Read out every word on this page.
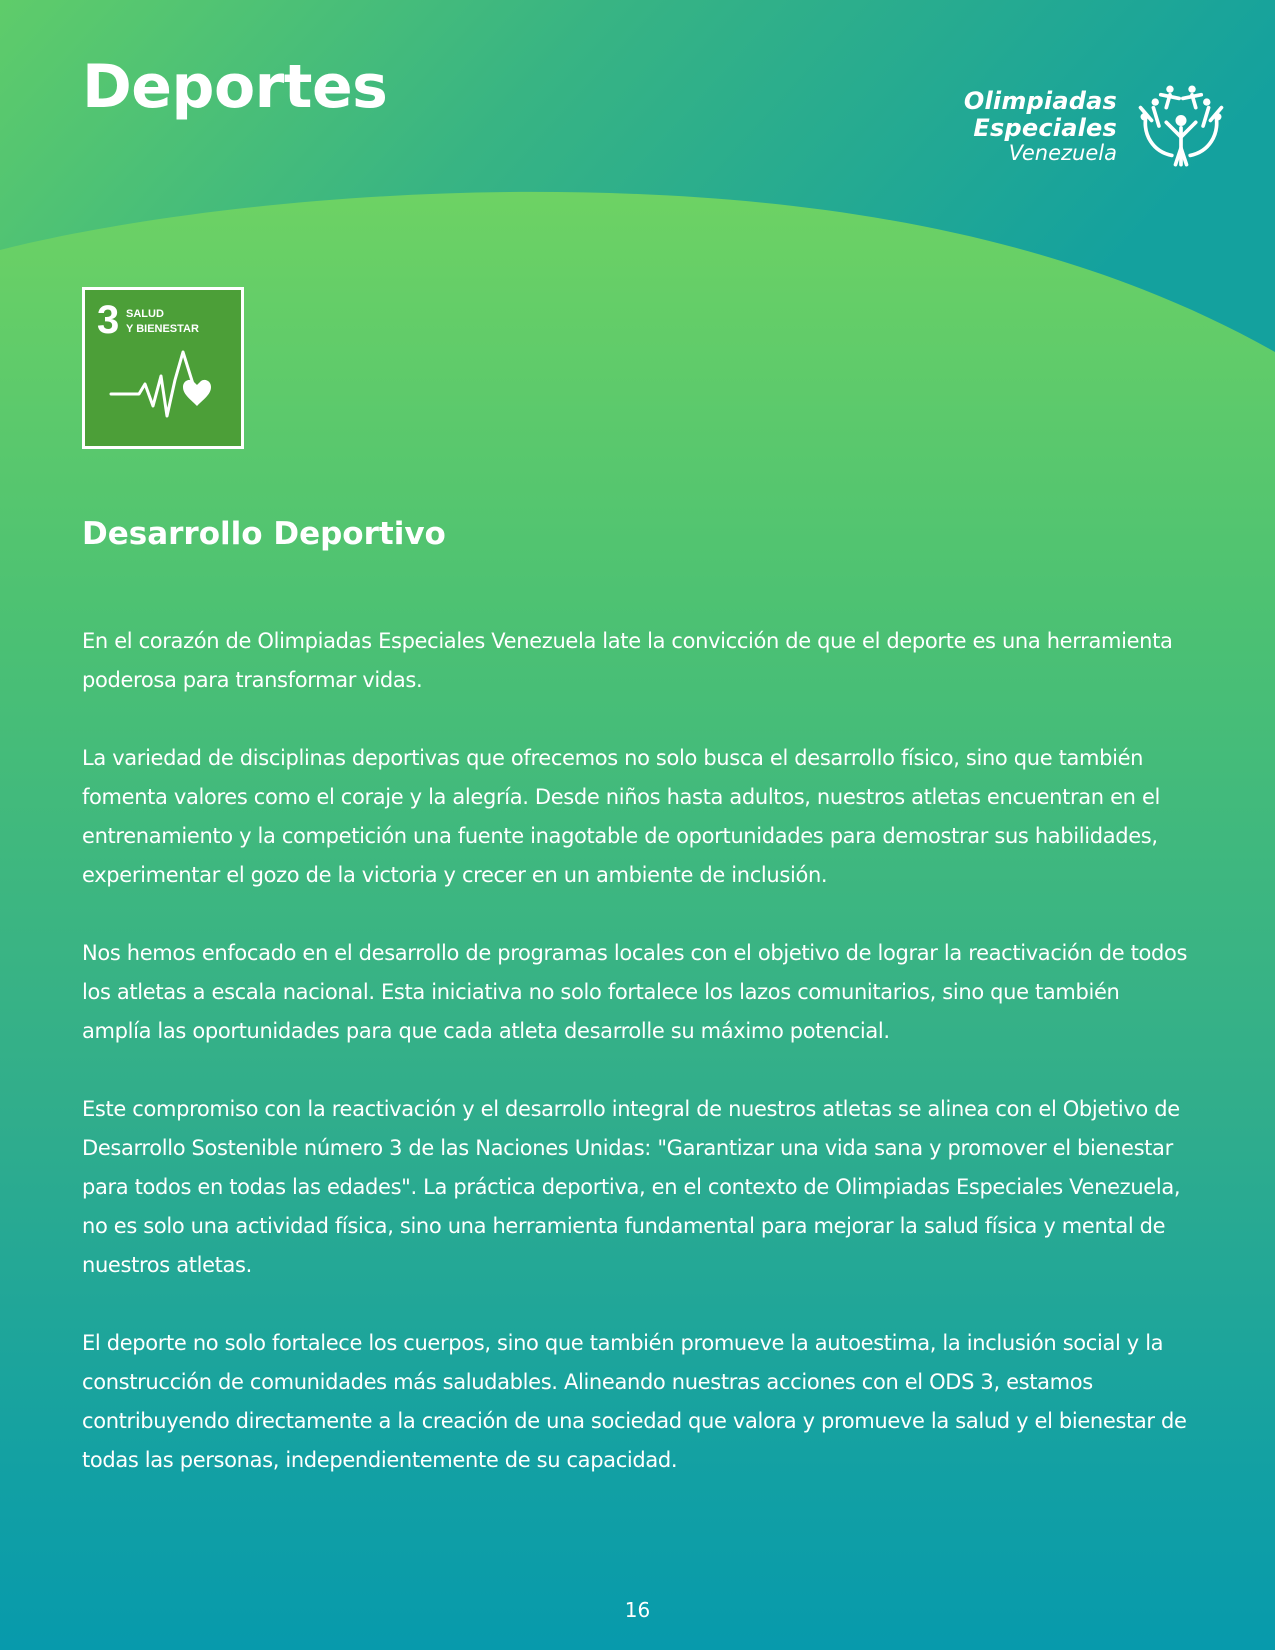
Deportes	Olimpiadas
Especiales
Venezuela
3 SALUD
Y BIENESTAR
Desarrollo Deportivo

En el corazón de Olimpiadas Especiales Venezuela late la convicción de que el deporte es una herramienta poderosa para transformar vidas.

La variedad de disciplinas deportivas que ofrecemos no solo busca el desarrollo físico, sino que también fomenta valores como el coraje y la alegría. Desde niños hasta adultos, nuestros atletas encuentran en el entrenamiento y la competición una fuente inagotable de oportunidades para demostrar sus habilidades, experimentar el gozo de la victoria y crecer en un ambiente de inclusión.

Nos hemos enfocado en el desarrollo de programas locales con el objetivo de lograr la reactivación de todos los atletas a escala nacional. Esta iniciativa no solo fortalece los lazos comunitarios, sino que también amplía las oportunidades para que cada atleta desarrolle su máximo potencial.

Este compromiso con la reactivación y el desarrollo integral de nuestros atletas se alinea con el Objetivo de Desarrollo Sostenible número 3 de las Naciones Unidas: "Garantizar una vida sana y promover el bienestar para todos en todas las edades". La práctica deportiva, en el contexto de Olimpiadas Especiales Venezuela, no es solo una actividad física, sino una herramienta fundamental para mejorar la salud física y mental de nuestros atletas.

El deporte no solo fortalece los cuerpos, sino que también promueve la autoestima, la inclusión social y la construcción de comunidades más saludables. Alineando nuestras acciones con el ODS 3, estamos contribuyendo directamente a la creación de una sociedad que valora y promueve la salud y el bienestar de todas las personas, independientemente de su capacidad.

16
